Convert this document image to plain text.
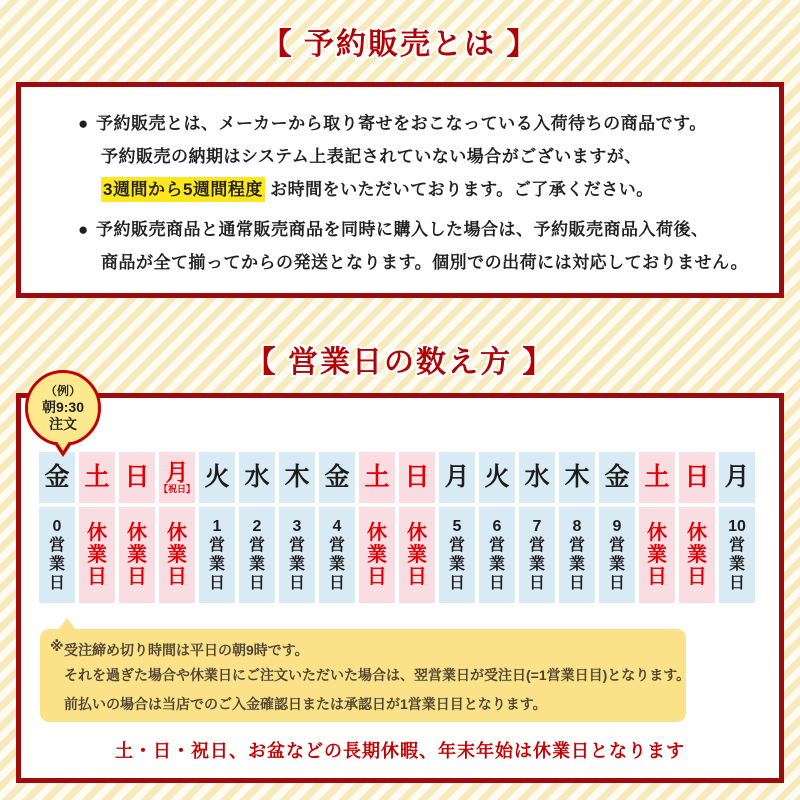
【 予約販売とは 】
● 予約販売とは、メーカーから取り寄せをおこなっている入荷待ちの商品です。
予約販売の納期はシステム上表記されていない場合がございますが、
3週間から5週間程度 お時間をいただいております。ご了承ください。
● 予約販売商品と通常販売商品を同時に購入した場合は、予約販売商品入荷後、
商品が全て揃ってからの発送となります。個別での出荷には対応しておりません。
【 営業日の数え方 】
（例）
朝9:30
注文
金
0
営
業
日
土
休
業
日
日
休
業
日
月
【祝日】
休
業
日
火
1
営
業
日
水
2
営
業
日
木
3
営
業
日
金
4
営
業
日
土
休
業
日
日
休
業
日
月
5
営
業
日
火
6
営
業
日
水
7
営
業
日
木
8
営
業
日
金
9
営
業
日
土
休
業
日
日
休
業
日
月
10
営
業
日
※ 受注締め切り時間は平日の朝9時です。
それを過ぎた場合や休業日にご注文いただいた場合は、翌営業日が受注日(=1営業日目)となります。
前払いの場合は当店でのご入金確認日または承認日が1営業日目となります。
土・日・祝日、お盆などの長期休暇、年末年始は休業日となります
